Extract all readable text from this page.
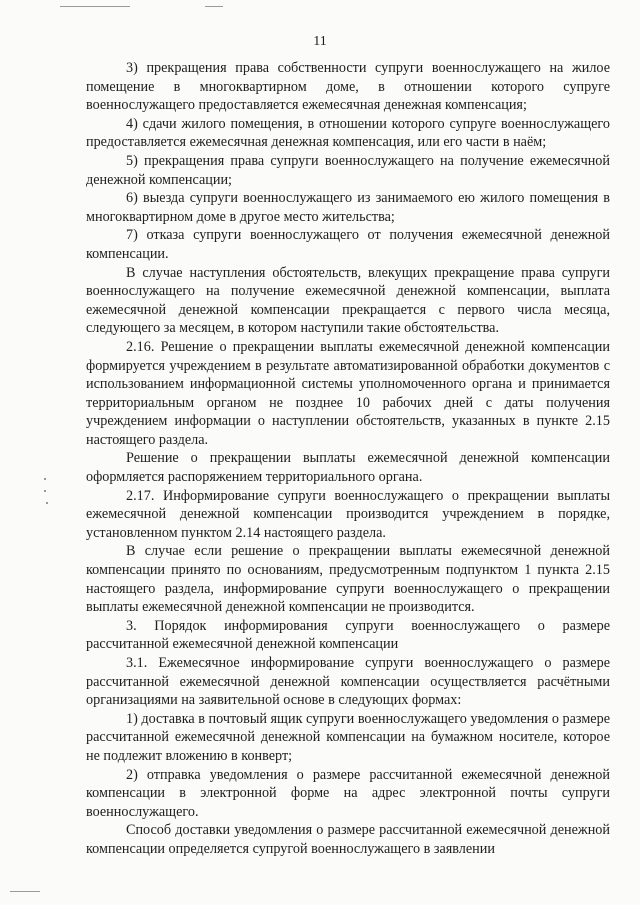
11

3) прекращения права собственности супруги военнослужащего на жилое помещение в многоквартирном доме, в отношении которого супруге военнослужащего предоставляется ежемесячная денежная компенсация;

4) сдачи жилого помещения, в отношении которого супруге военнослужащего предоставляется ежемесячная денежная компенсация, или его части в наём;

5) прекращения права супруги военнослужащего на получение ежемесячной денежной компенсации;

6) выезда супруги военнослужащего из занимаемого ею жилого помещения в многоквартирном доме в другое место жительства;

7) отказа супруги военнослужащего от получения ежемесячной денежной компенсации.

В случае наступления обстоятельств, влекущих прекращение права супруги военнослужащего на получение ежемесячной денежной компенсации, выплата ежемесячной денежной компенсации прекращается с первого числа месяца, следующего за месяцем, в котором наступили такие обстоятельства.

2.16. Решение о прекращении выплаты ежемесячной денежной компенсации формируется учреждением в результате автоматизированной обработки документов с использованием информационной системы уполномоченного органа и принимается территориальным органом не позднее 10 рабочих дней с даты получения учреждением информации о наступлении обстоятельств, указанных в пункте 2.15 настоящего раздела.

Решение о прекращении выплаты ежемесячной денежной компенсации оформляется распоряжением территориального органа.

2.17. Информирование супруги военнослужащего о прекращении выплаты ежемесячной денежной компенсации производится учреждением в порядке, установленном пунктом 2.14 настоящего раздела.

В случае если решение о прекращении выплаты ежемесячной денежной компенсации принято по основаниям, предусмотренным подпунктом 1 пункта 2.15 настоящего раздела, информирование супруги военнослужащего о прекращении выплаты ежемесячной денежной компенсации не производится.

3. Порядок информирования супруги военнослужащего о размере рассчитанной ежемесячной денежной компенсации

3.1. Ежемесячное информирование супруги военнослужащего о размере рассчитанной ежемесячной денежной компенсации осуществляется расчётными организациями на заявительной основе в следующих формах:

1) доставка в почтовый ящик супруги военнослужащего уведомления о размере рассчитанной ежемесячной денежной компенсации на бумажном носителе, которое не подлежит вложению в конверт;

2) отправка уведомления о размере рассчитанной ежемесячной денежной компенсации в электронной форме на адрес электронной почты супруги военнослужащего.

Способ доставки уведомления о размере рассчитанной ежемесячной денежной компенсации определяется супругой военнослужащего в заявлении
